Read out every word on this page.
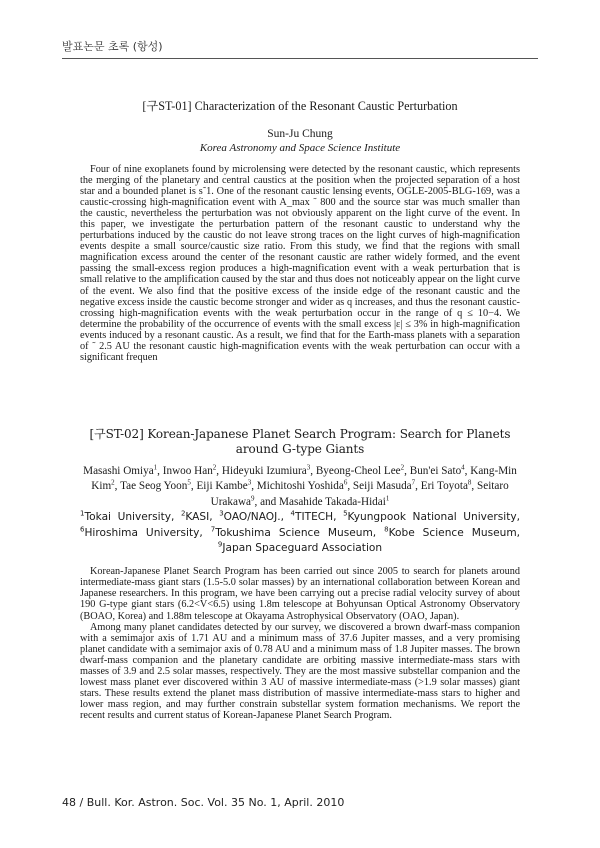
발표논문 초록 (항성)

[구ST-01] Characterization of the Resonant Caustic Perturbation

Sun-Ju Chung

Korea Astronomy and Space Science Institute

Four of nine exoplanets found by microlensing were detected by the resonant caustic, which represents the merging of the planetary and central caustics at the position when the projected separation of a host star and a bounded planet is s˜1. One of the resonant caustic lensing events, OGLE-2005-BLG-169, was a caustic-crossing high-magnification event with A_max ˜ 800 and the source star was much smaller than the caustic, nevertheless the perturbation was not obviously apparent on the light curve of the event. In this paper, we investigate the perturbation pattern of the resonant caustic to understand why the perturbations induced by the caustic do not leave strong traces on the light curves of high-magnification events despite a small source/caustic size ratio. From this study, we find that the regions with small magnification excess around the center of the resonant caustic are rather widely formed, and the event passing the small-excess region produces a high-magnification event with a weak perturbation that is small relative to the amplification caused by the star and thus does not noticeably appear on the light curve of the event. We also find that the positive excess of the inside edge of the resonant caustic and the negative excess inside the caustic become stronger and wider as q increases, and thus the resonant caustic-crossing high-magnification events with the weak perturbation occur in the range of q ≤ 10−4. We determine the probability of the occurrence of events with the small excess |ε| ≤ 3% in high-magnification events induced by a resonant caustic. As a result, we find that for the Earth-mass planets with a separation of ˜ 2.5 AU the resonant caustic high-magnification events with the weak perturbation can occur with a significant frequen

[구ST-02] Korean-Japanese Planet Search Program: Search for Planets around G-type Giants

Masashi Omiya$^1$, Inwoo Han$^2$, Hideyuki Izumiura$^3$, Byeong-Cheol Lee$^2$, Bun'ei Sato$^4$, Kang-Min Kim$^2$, Tae Seog Yoon$^5$, Eiji Kambe$^3$, Michitoshi Yoshida$^6$, Seiji Masuda$^7$, Eri Toyota$^8$, Seitaro Urakawa$^9$, and Masahide Takada-Hidai$^1$

$^1$Tokai University, $^2$KASI, $^3$OAO/NAOJ., $^4$TITECH, $^5$Kyungpook National University, $^6$Hiroshima University, $^7$Tokushima Science Museum, $^8$Kobe Science Museum, $^9$Japan Spaceguard Association

Korean-Japanese Planet Search Program has been carried out since 2005 to search for planets around intermediate-mass giant stars (1.5-5.0 solar masses) by an international collaboration between Korean and Japanese researchers. In this program, we have been carrying out a precise radial velocity survey of about 190 G-type giant stars (6.2<V<6.5) using 1.8m telescope at Bohyunsan Optical Astronomy Observatory (BOAO, Korea) and 1.88m telescope at Okayama Astrophysical Observatory (OAO, Japan).

Among many planet candidates detected by our survey, we discovered a brown dwarf-mass companion with a semimajor axis of 1.71 AU and a minimum mass of 37.6 Jupiter masses, and a very promising planet candidate with a semimajor axis of 0.78 AU and a minimum mass of 1.8 Jupiter masses. The brown dwarf-mass companion and the planetary candidate are orbiting massive intermediate-mass stars with masses of 3.9 and 2.5 solar masses, respectively. They are the most massive substellar companion and the lowest mass planet ever discovered within 3 AU of massive intermediate-mass (>1.9 solar masses) giant stars. These results extend the planet mass distribution of massive intermediate-mass stars to higher and lower mass region, and may further constrain substellar system formation mechanisms. We report the recent results and current status of Korean-Japanese Planet Search Program.

48 / Bull. Kor. Astron. Soc. Vol. 35 No. 1, April. 2010
